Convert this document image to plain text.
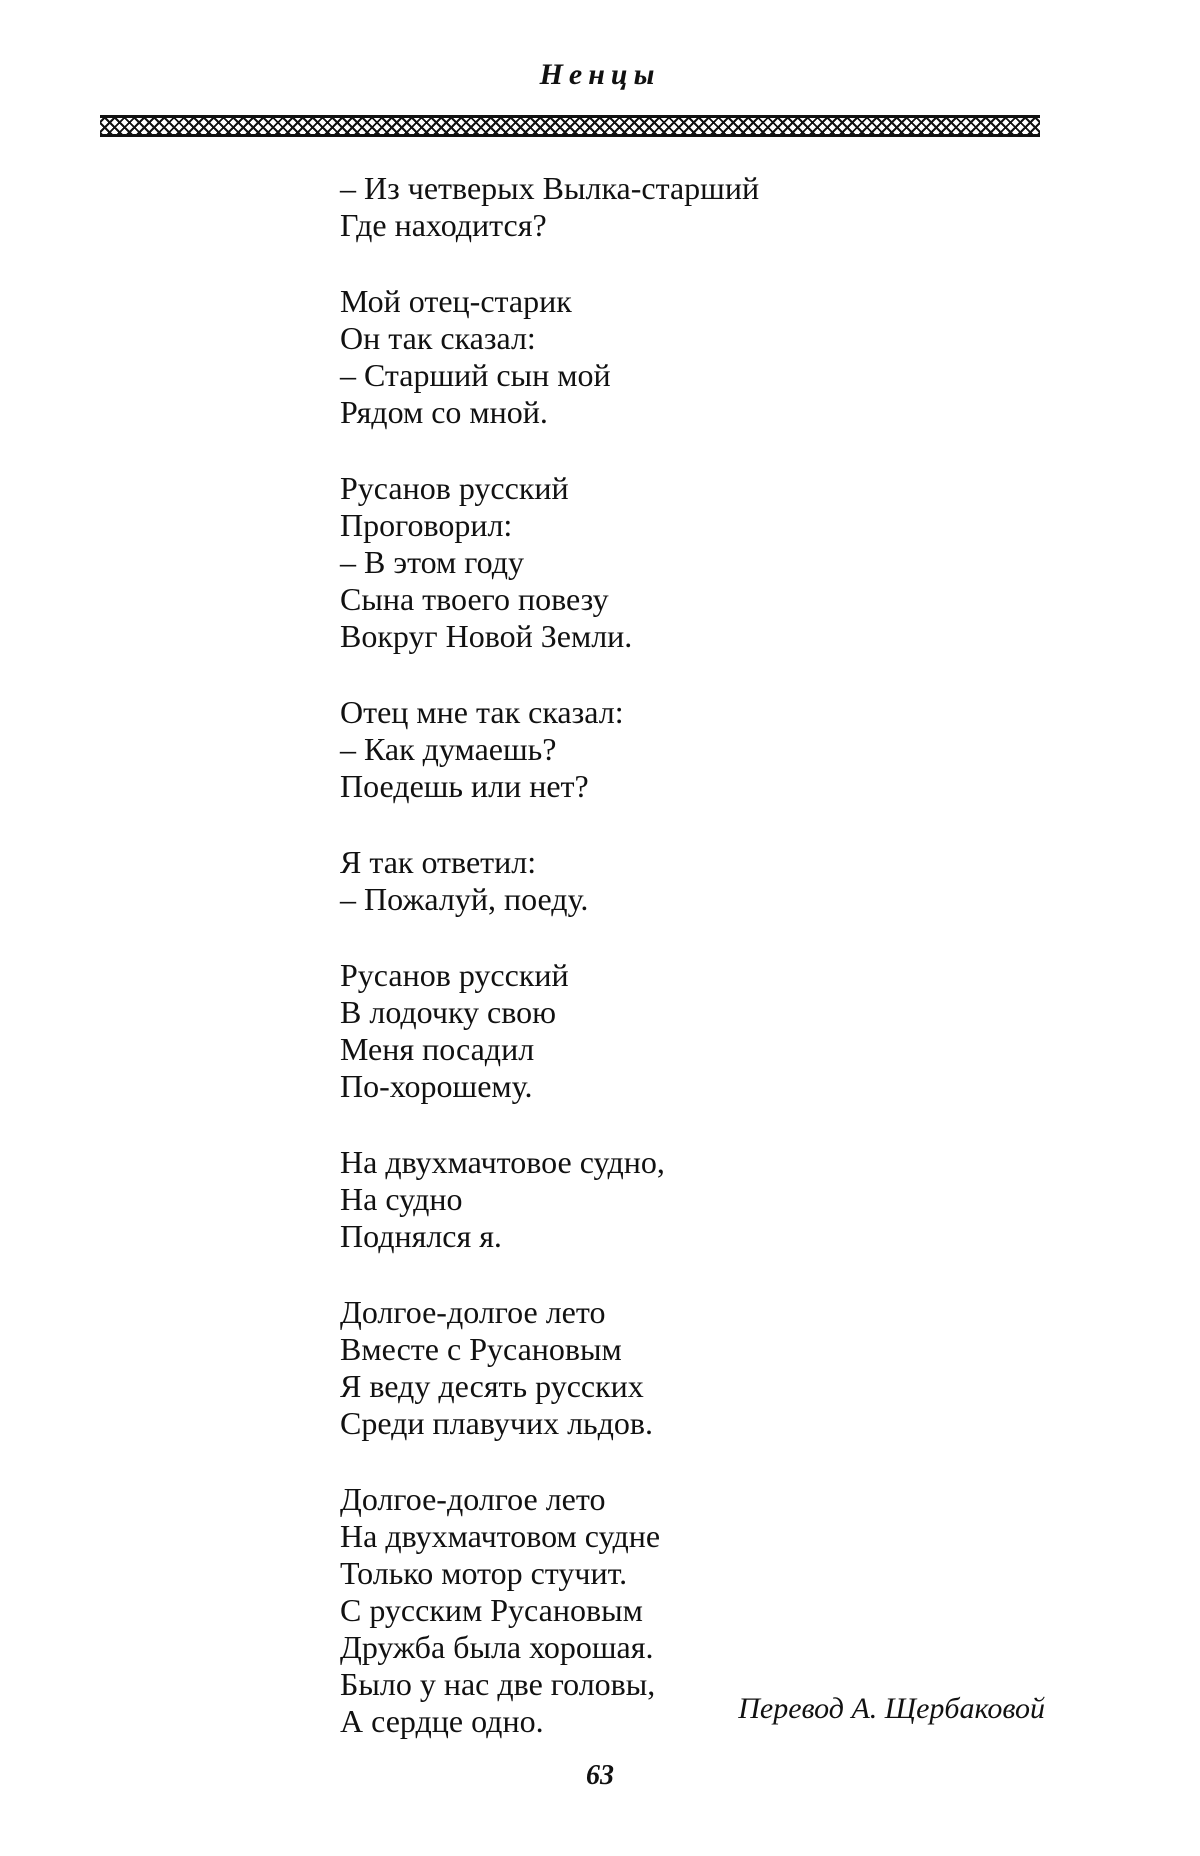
Ненцы
– Из четверых Вылка-старший
Где находится?
Мой отец-старик
Он так сказал:
– Старший сын мой
Рядом со мной.
Русанов русский
Проговорил:
– В этом году
Сына твоего повезу
Вокруг Новой Земли.
Отец мне так сказал:
– Как думаешь?
Поедешь или нет?
Я так ответил:
– Пожалуй, поеду.
Русанов русский
В лодочку свою
Меня посадил
По-хорошему.
На двухмачтовое судно,
На судно
Поднялся я.
Долгое-долгое лето
Вместе с Русановым
Я веду десять русских
Среди плавучих льдов.
Долгое-долгое лето
На двухмачтовом судне
Только мотор стучит.
С русским Русановым
Дружба была хорошая.
Было у нас две головы,
А сердце одно.	Перевод А. Щербаковой
63
